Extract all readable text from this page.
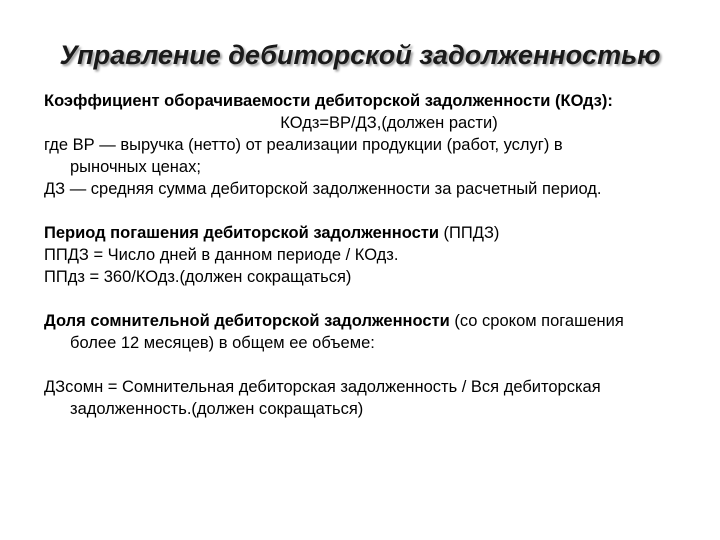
Управление дебиторской задолженностью

Коэффициент оборачиваемости дебиторской задолженности (КОдз):

КОдз=ВР/ДЗ,(должен расти)

где ВР — выручка (нетто) от реализации продукции (работ, услуг) в

рыночных ценах;

ДЗ — средняя сумма дебиторской задолженности за расчетный период.

Период погашения дебиторской задолженности (ППДЗ)

ППДЗ = Число дней в данном периоде / КОдз.

ППдз = 360/КОдз.(должен сокращаться)

Доля сомнительной дебиторской задолженности (со сроком погашения

более 12 месяцев) в общем ее объеме:

ДЗсомн = Сомнительная дебиторская задолженность / Вся дебиторская

задолженность.(должен сокращаться)
